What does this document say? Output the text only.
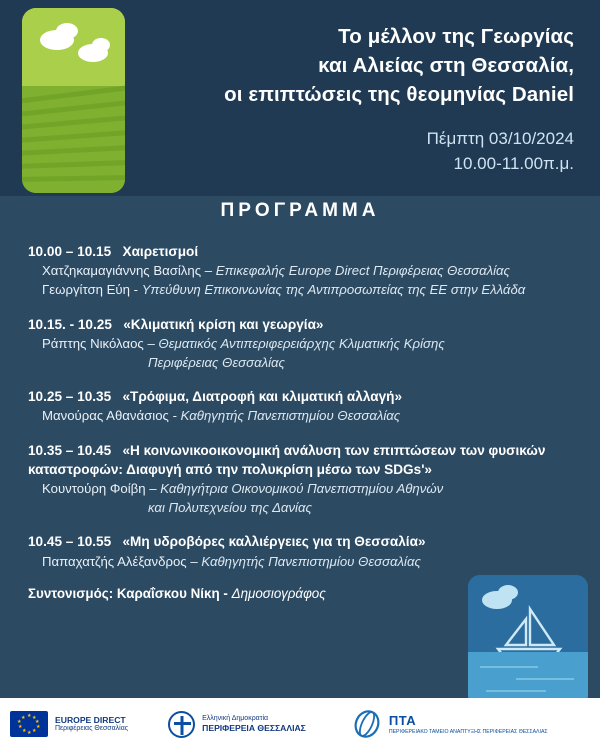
Το μέλλον της Γεωργίας
και Αλιείας στη Θεσσαλία,
οι επιπτώσεις της θεομηνίας Daniel
Πέμπτη 03/10/2024
10.00-11.00π.μ.
ΠΡΟΓΡΑΜΜΑ
10.00 – 10.15 Χαιρετισμοί
Χατζηκαμαγιάννης Βασίλης – Επικεφαλής Europe Direct Περιφέρειας Θεσσαλίας
Γεωργίτση Εύη - Υπεύθυνη Επικοινωνίας της Αντιπροσωπείας της ΕΕ στην Ελλάδα
10.15. - 10.25 «Κλιματική κρίση και γεωργία»
Ράπτης Νικόλαος – Θεματικός Αντιπεριφερειάρχης Κλιματικής Κρίσης
Περιφέρειας Θεσσαλίας
10.25 – 10.35 «Τρόφιμα, Διατροφή και κλιματική αλλαγή»
Μανούρας Αθανάσιος - Καθηγητής Πανεπιστημίου Θεσσαλίας
10.35 – 10.45 «Η κοινωνικοοικονομική ανάλυση των επιπτώσεων των φυσικών καταστροφών: Διαφυγή από την πολυκρίση μέσω των SDGs'»
Κουντούρη Φοίβη – Καθηγήτρια Οικονομικού Πανεπιστημίου Αθηνών
και Πολυτεχνείου της Δανίας
10.45 – 10.55 «Μη υδροβόρες καλλιέργειες για τη Θεσσαλία»
Παπαχατζής Αλέξανδρος – Καθηγητής Πανεπιστημίου Θεσσαλίας
Συντονισμός: Καραΐσκου Νίκη - Δημοσιογράφος
★ ★
★
★
★
★
★
★
★
★	EUROPE DIRECT
Περιφέρειας Θεσσαλίας
Ελληνική Δημοκρατία
ΠΕΡΙΦΕΡΕΙΑ ΘΕΣΣΑΛΙΑΣ	ΠΤΑ
ΠΕΡΙΦΕΡΕΙΑΚΟ ΤΑΜΕΙΟ ΑΝΑΠΤΥΞΗΣ ΠΕΡΙΦΕΡΕΙΑΣ ΘΕΣΣΑΛΙΑΣ
